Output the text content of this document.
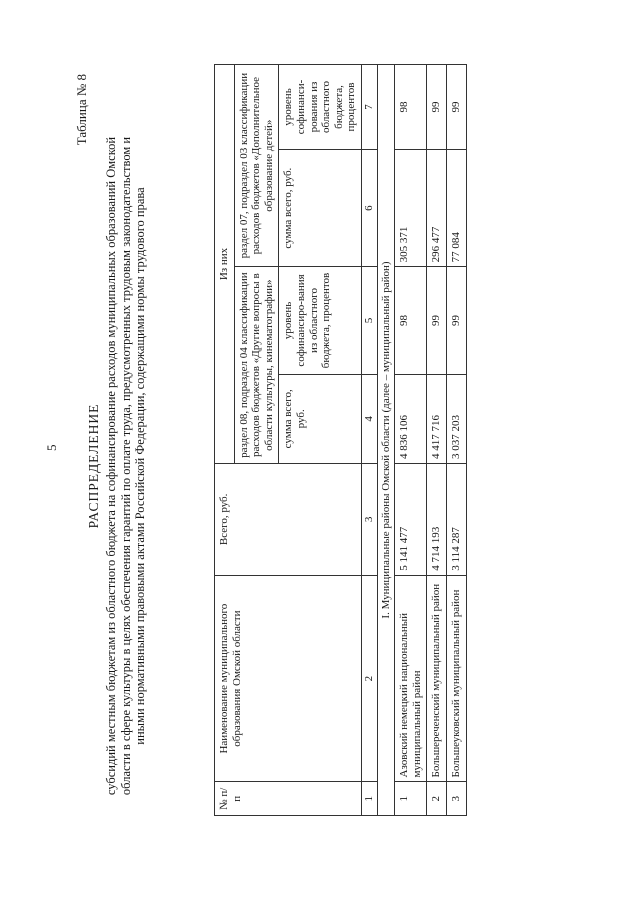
5
Таблица № 8
РАСПРЕДЕЛЕНИЕ субсидий местным бюджетам из областного бюджета на софинансирование расходов муниципальных образований Омской области в сфере культуры в целях обеспечения гарантий по оплате труда, предусмотренных трудовым законодательством и иными нормативными правовыми актами Российской Федерации, содержащими нормы трудового права
№ п/п	Наименование муниципального образования Омской области	Всего, руб.	Из них			
			раздел 08, подраздел 04 классификации расходов бюджетов «Другие вопросы в области культуры, кинематографии»		раздел 07, подраздел 03 классификации расходов бюджетов «Дополнительное образование детей»	
			сумма всего, руб.	уровень софинансиро-вания из областного бюджета, процентов	сумма всего, руб.	уровень софинанси-рования из областного бюджета, процентов
1	2	3	4	5	6	7
I. Муниципальные районы Омской области (далее – муниципальный район)						
1	Азовский немецкий национальный муниципальный район	5 141 477	4 836 106	98	305 371	98
2	Большереченский муниципальный район	4 714 193	4 417 716	99	296 477	99
3	Большеуковский муниципальный район	3 114 287	3 037 203	99	77 084	99
